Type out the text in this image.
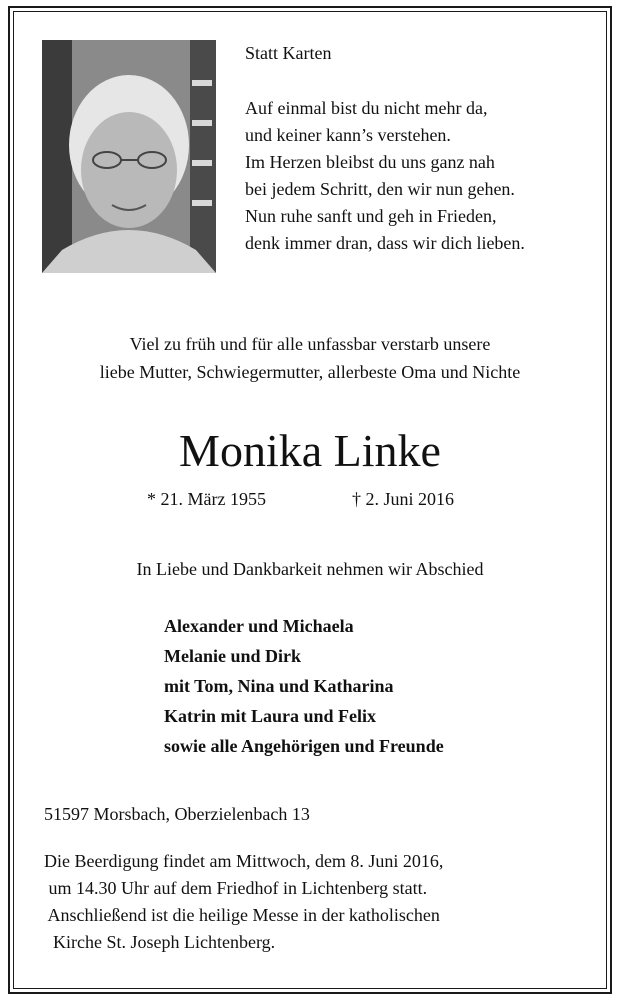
Statt Karten
Auf einmal bist du nicht mehr da,
und keiner kann’s verstehen.
Im Herzen bleibst du uns ganz nah
bei jedem Schritt, den wir nun gehen.
Nun ruhe sanft und geh in Frieden,
denk immer dran, dass wir dich lieben.
Viel zu früh und für alle unfassbar verstarb unsere
liebe Mutter, Schwiegermutter, allerbeste Oma und Nichte
Monika Linke
* 21. März 1955	† 2. Juni 2016
In Liebe und Dankbarkeit nehmen wir Abschied
Alexander und Michaela
Melanie und Dirk
mit Tom, Nina und Katharina
Katrin mit Laura und Felix
sowie alle Angehörigen und Freunde
51597 Morsbach, Oberzielenbach 13
Die Beerdigung findet am Mittwoch, dem 8. Juni 2016,
um 14.30 Uhr auf dem Friedhof in Lichtenberg statt.
Anschließend ist die heilige Messe in der katholischen
Kirche St. Joseph Lichtenberg.
